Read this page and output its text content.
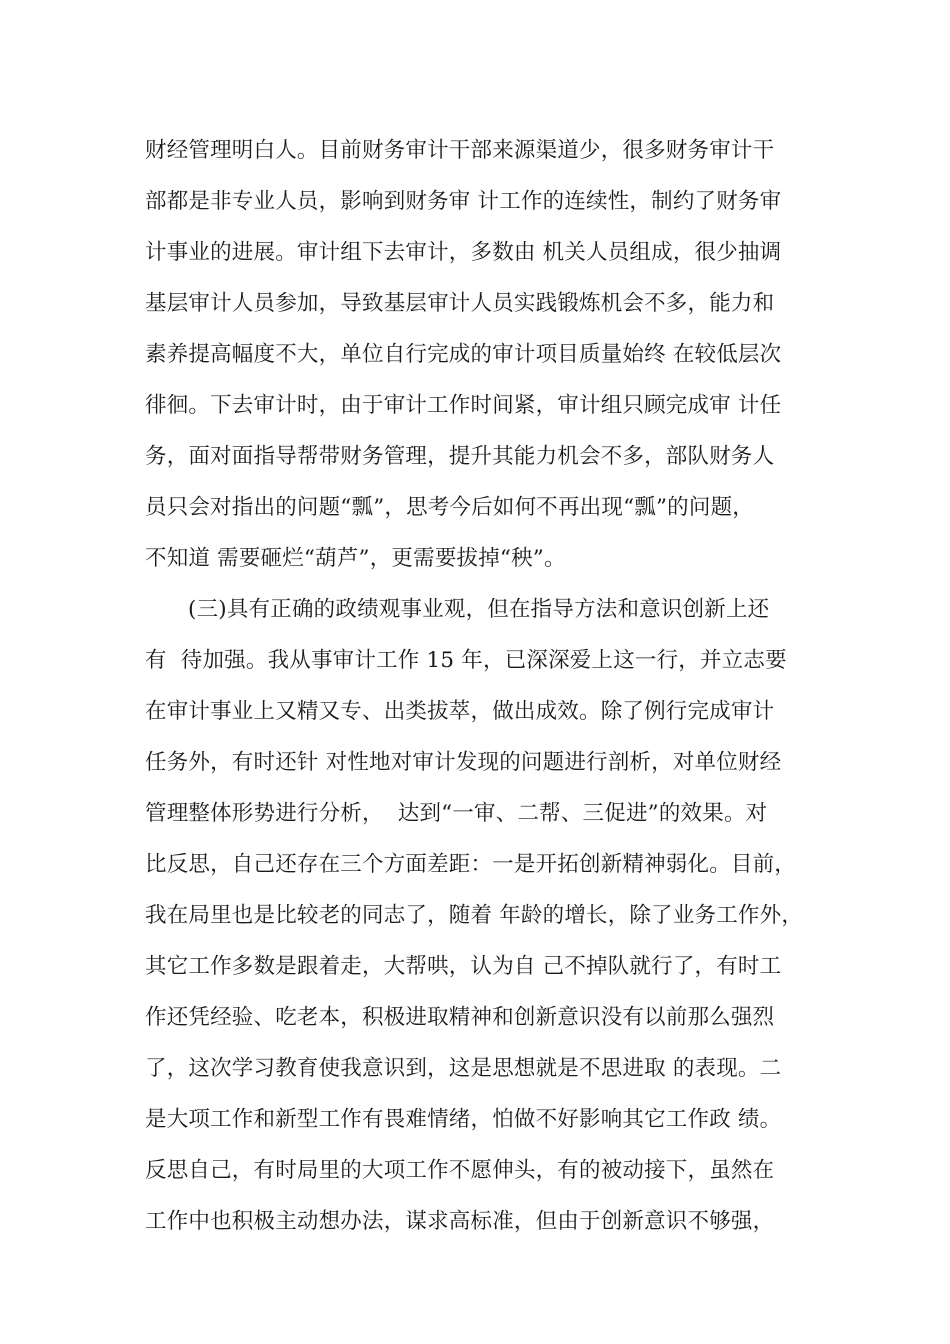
财经管理明白人。目前财务审计干部来源渠道少，很多财务审计干
部都是非专业人员，影响到财务审 计工作的连续性，制约了财务审
计事业的进展。审计组下去审计，多数由 机关人员组成，很少抽调
基层审计人员参加，导致基层审计人员实践锻炼机会不多，能力和
素养提高幅度不大，单位自行完成的审计项目质量始终 在较低层次
徘徊。下去审计时，由于审计工作时间紧，审计组只顾完成审 计任
务，面对面指导帮带财务管理，提升其能力机会不多，部队财务人
员只会对指出的问题“瓢”，思考今后如何不再出现“瓢”的问题，
不知道 需要砸烂“葫芦”，更需要拔掉“秧”。
(三)具有正确的政绩观事业观，但在指导方法和意识创新上还
有  待加强。我从事审计工作 15 年，已深深爱上这一行，并立志要
在审计事业上又精又专、出类拔萃，做出成效。除了例行完成审计
任务外，有时还针 对性地对审计发现的问题进行剖析，对单位财经
管理整体形势进行分析，  达到“一审、二帮、三促进”的效果。对
比反思，自己还存在三个方面差距：一是开拓创新精神弱化。目前，
我在局里也是比较老的同志了，随着 年龄的增长，除了业务工作外，
其它工作多数是跟着走，大帮哄，认为自 己不掉队就行了，有时工
作还凭经验、吃老本，积极进取精神和创新意识没有以前那么强烈
了，这次学习教育使我意识到，这是思想就是不思进取 的表现。二
是大项工作和新型工作有畏难情绪，怕做不好影响其它工作政 绩。
反思自己，有时局里的大项工作不愿伸头，有的被动接下，虽然在
工作中也积极主动想办法，谋求高标准，但由于创新意识不够强，
